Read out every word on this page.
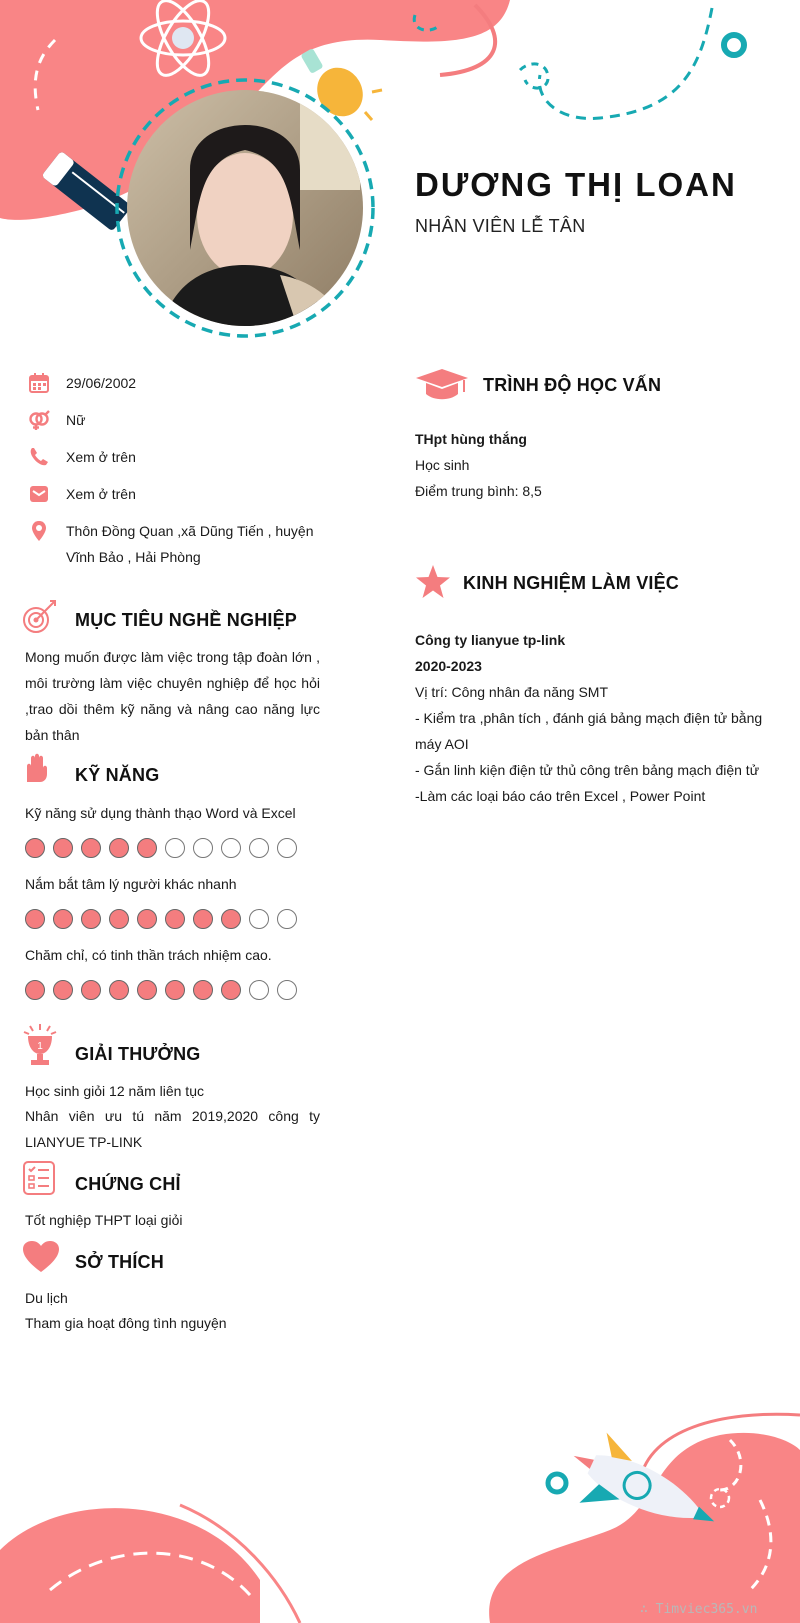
DƯƠNG THỊ LOAN
NHÂN VIÊN LỄ TÂN
29/06/2002
Nữ
Xem ở trên
Xem ở trên
Thôn Đồng Quan ,xã Dũng Tiến , huyện Vĩnh Bảo , Hải Phòng
MỤC TIÊU NGHỀ NGHIỆP
Mong muốn được làm việc trong tập đoàn lớn , môi trường làm việc chuyên nghiệp để học hỏi ,trao dồi thêm kỹ năng và nâng cao năng lực bản thân
KỸ NĂNG
Kỹ năng sử dụng thành thạo Word và Excel
Nắm bắt tâm lý người khác nhanh
Chăm chỉ, có tinh thần trách nhiệm cao.
1 GIẢI THƯỞNG
Học sinh giỏi 12 năm liên tục
Nhân viên ưu tú năm 2019,2020 công ty LIANYUE TP-LINK
CHỨNG CHỈ
Tốt nghiệp THPT loại giỏi
SỞ THÍCH
Du lịch
Tham gia hoạt đông tình nguyện
TRÌNH ĐỘ HỌC VẤN
THpt hùng thắng
Học sinh
Điểm trung bình: 8,5
KINH NGHIỆM LÀM VIỆC
Công ty lianyue tp-link
2020-2023
Vị trí: Công nhân đa năng SMT
- Kiểm tra ,phân tích , đánh giá bảng mạch điện tử bằng máy AOI
- Gắn linh kiện điện tử thủ công trên bảng mạch điện tử
-Làm các loại báo cáo trên Excel , Power Point
∴ Timviec365.vn
